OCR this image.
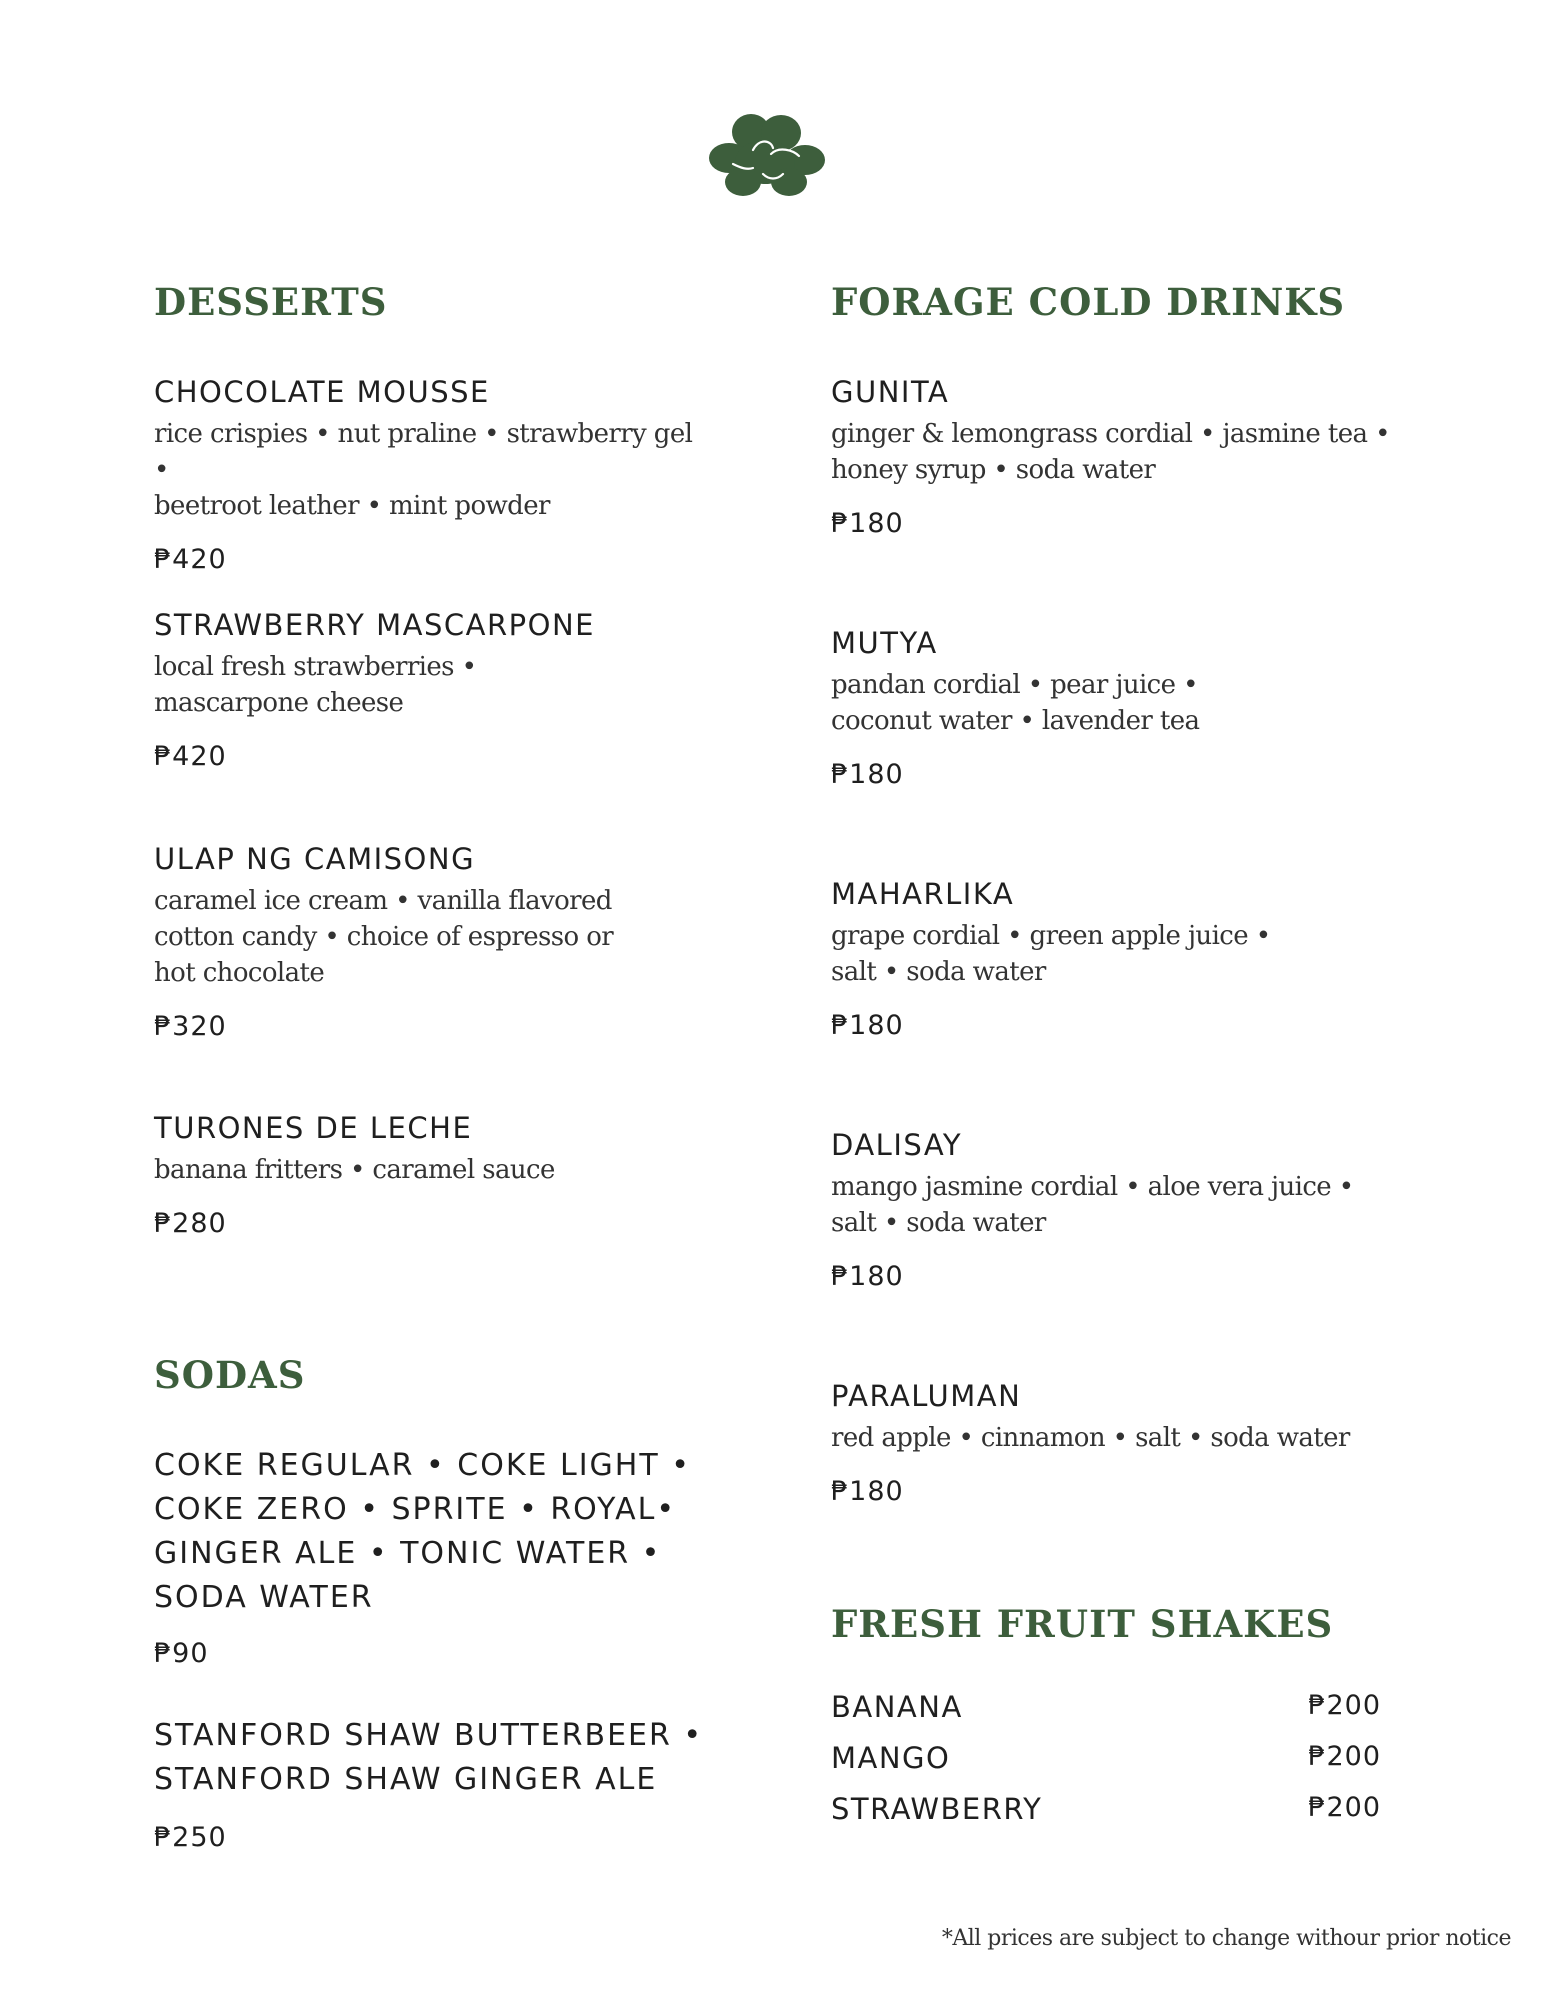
DESSERTS
CHOCOLATE MOUSSE
rice crispies • nut praline • strawberry gel •
beetroot leather • mint powder
₱420
STRAWBERRY MASCARPONE
local fresh strawberries •
mascarpone cheese
₱420
ULAP NG CAMISONG
caramel ice cream • vanilla flavored
cotton candy • choice of espresso or
hot chocolate
₱320
TURONES DE LECHE
banana fritters • caramel sauce
₱280
SODAS
COKE REGULAR • COKE LIGHT •
COKE ZERO • SPRITE • ROYAL•
GINGER ALE • TONIC WATER •
SODA WATER
₱90
STANFORD SHAW BUTTERBEER •
STANFORD SHAW GINGER ALE
₱250
FORAGE COLD DRINKS
GUNITA
ginger & lemongrass cordial • jasmine tea •
honey syrup • soda water
₱180
MUTYA
pandan cordial • pear juice •
coconut water • lavender tea
₱180
MAHARLIKA
grape cordial • green apple juice •
salt • soda water
₱180
DALISAY
mango jasmine cordial • aloe vera juice •
salt • soda water
₱180
PARALUMAN
red apple • cinnamon • salt • soda water
₱180
FRESH FRUIT SHAKES
BANANA	₱200
MANGO	₱200
STRAWBERRY	₱200
*All prices are subject to change withour prior notice
